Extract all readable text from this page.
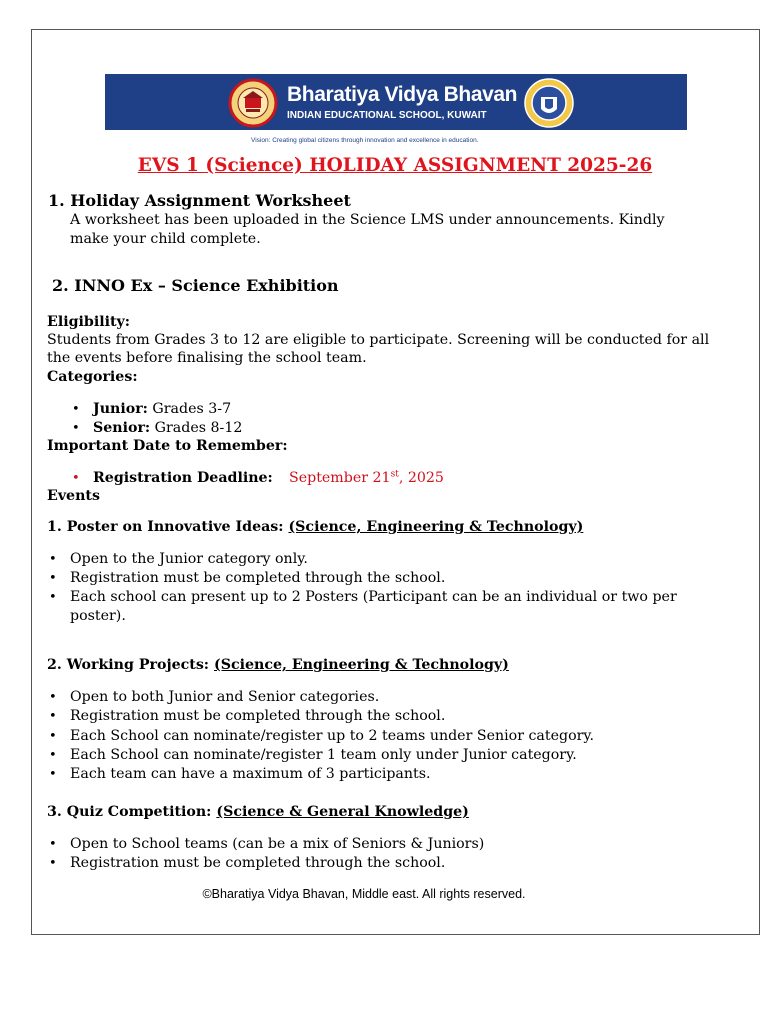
Bharatiya Vidya Bhavan
INDIAN EDUCATIONAL SCHOOL, KUWAIT
Vision: Creating global citizens through innovation and excellence in education.
EVS 1 (Science) HOLIDAY ASSIGNMENT 2025-26
1. Holiday Assignment Worksheet
A worksheet has been uploaded in the Science LMS under announcements. Kindly
make your child complete.
2. INNO Ex – Science Exhibition
Eligibility:
Students from Grades 3 to 12 are eligible to participate. Screening will be conducted for all
the events before finalising the school team.
Categories:
• Junior: Grades 3-7
• Senior: Grades 8-12
Important Date to Remember:
• Registration Deadline: September 21st, 2025
Events
1. Poster on Innovative Ideas: (Science, Engineering & Technology)
• Open to the Junior category only.
• Registration must be completed through the school.
• Each school can present up to 2 Posters (Participant can be an individual or two per
poster).
2. Working Projects: (Science, Engineering & Technology)
• Open to both Junior and Senior categories.
• Registration must be completed through the school.
• Each School can nominate/register up to 2 teams under Senior category.
• Each School can nominate/register 1 team only under Junior category.
• Each team can have a maximum of 3 participants.
3. Quiz Competition: (Science & General Knowledge)
• Open to School teams (can be a mix of Seniors & Juniors)
• Registration must be completed through the school.
©Bharatiya Vidya Bhavan, Middle east. All rights reserved.
